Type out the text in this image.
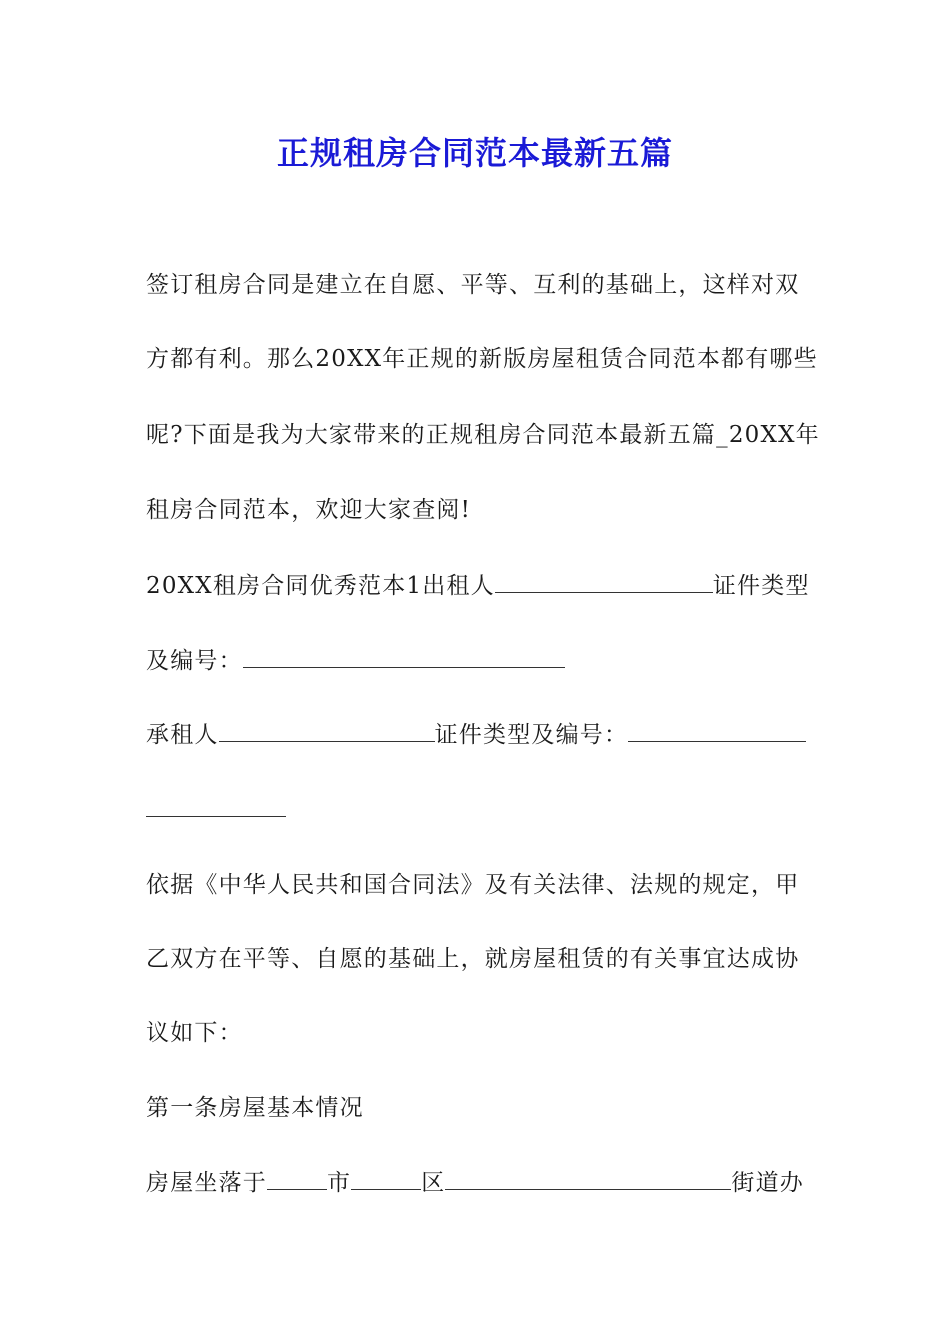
正规租房合同范本最新五篇
签订租房合同是建立在自愿、平等、互利的基础上，这样对双
方都有利。那么20XX年正规的新版房屋租赁合同范本都有哪些
呢?下面是我为大家带来的正规租房合同范本最新五篇_20XX年
租房合同范本，欢迎大家查阅!
20XX租房合同优秀范本1出租人	证件类型
及编号：
承租人	证件类型及编号：
依据《中华人民共和国合同法》及有关法律、法规的规定，甲
乙双方在平等、自愿的基础上，就房屋租赁的有关事宜达成协
议如下：
第一条房屋基本情况
房屋坐落于	市	区	街道办
